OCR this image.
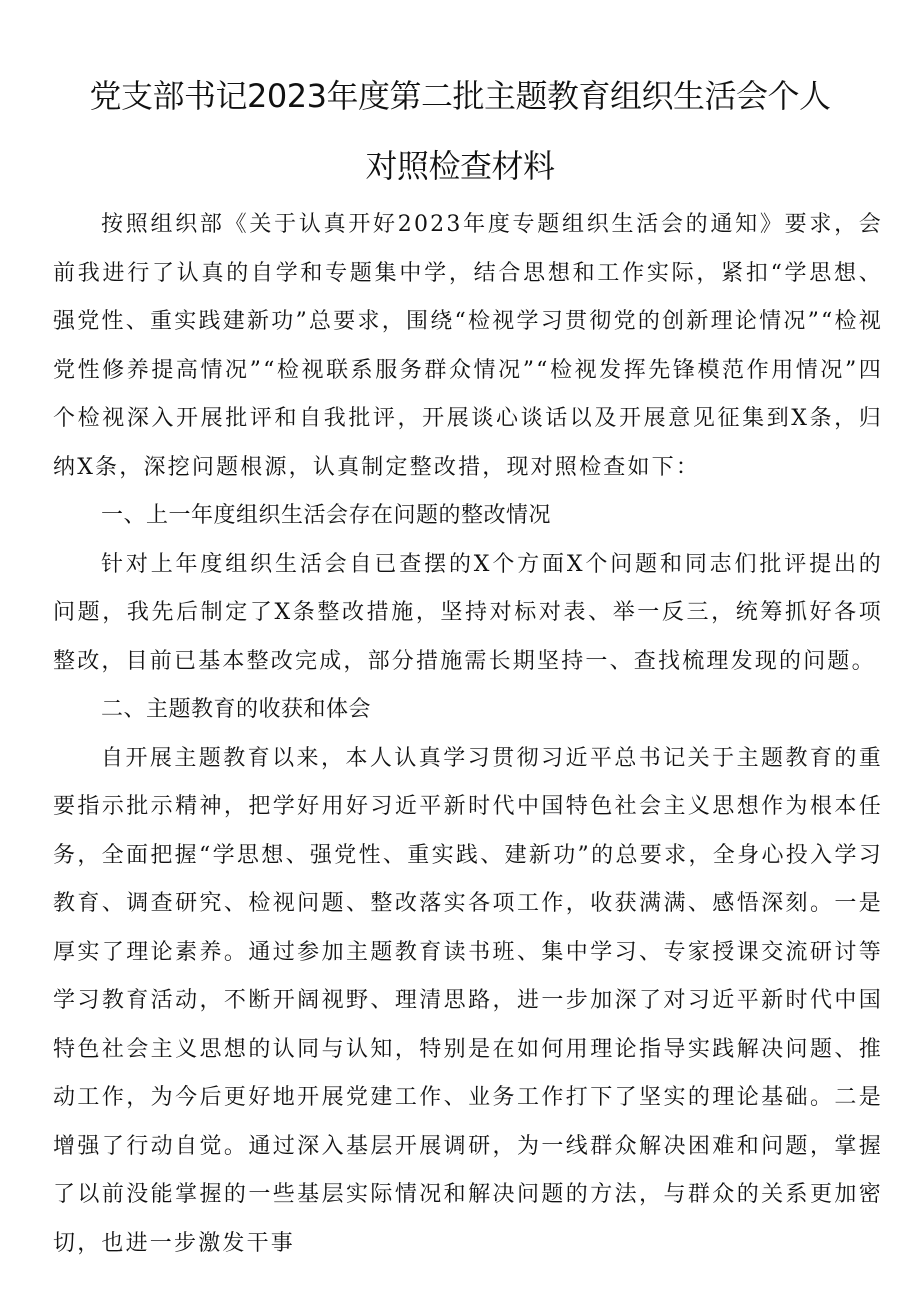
党支部书记2023年度第二批主题教育组织生活会个人
对照检查材料

按照组织部《关于认真开好2023年度专题组织生活会的通知》要求，会前我进行了认真的自学和专题集中学，结合思想和工作实际，紧扣“学思想、强党性、重实践建新功”总要求，围绕“检视学习贯彻党的创新理论情况”“检视党性修养提高情况”“检视联系服务群众情况”“检视发挥先锋模范作用情况”四个检视深入开展批评和自我批评，开展谈心谈话以及开展意见征集到X条，归纳X条，深挖问题根源，认真制定整改措，现对照检查如下：

一、上一年度组织生活会存在问题的整改情况

针对上年度组织生活会自已查摆的X个方面X个问题和同志们批评提出的问题，我先后制定了X条整改措施，坚持对标对表、举一反三，统筹抓好各项整改，目前已基本整改完成，部分措施需长期坚持一、查找梳理发现的问题。

二、主题教育的收获和体会

自开展主题教育以来，本人认真学习贯彻习近平总书记关于主题教育的重要指示批示精神，把学好用好习近平新时代中国特色社会主义思想作为根本任务，全面把握“学思想、强党性、重实践、建新功”的总要求，全身心投入学习教育、调查研究、检视问题、整改落实各项工作，收获满满、感悟深刻。一是厚实了理论素养。通过参加主题教育读书班、集中学习、专家授课交流研讨等学习教育活动，不断开阔视野、理清思路，进一步加深了对习近平新时代中国特色社会主义思想的认同与认知，特别是在如何用理论指导实践解决问题、推动工作，为今后更好地开展党建工作、业务工作打下了坚实的理论基础。二是增强了行动自觉。通过深入基层开展调研，为一线群众解决困难和问题，掌握了以前没能掌握的一些基层实际情况和解决问题的方法，与群众的关系更加密切，也进一步激发干事
